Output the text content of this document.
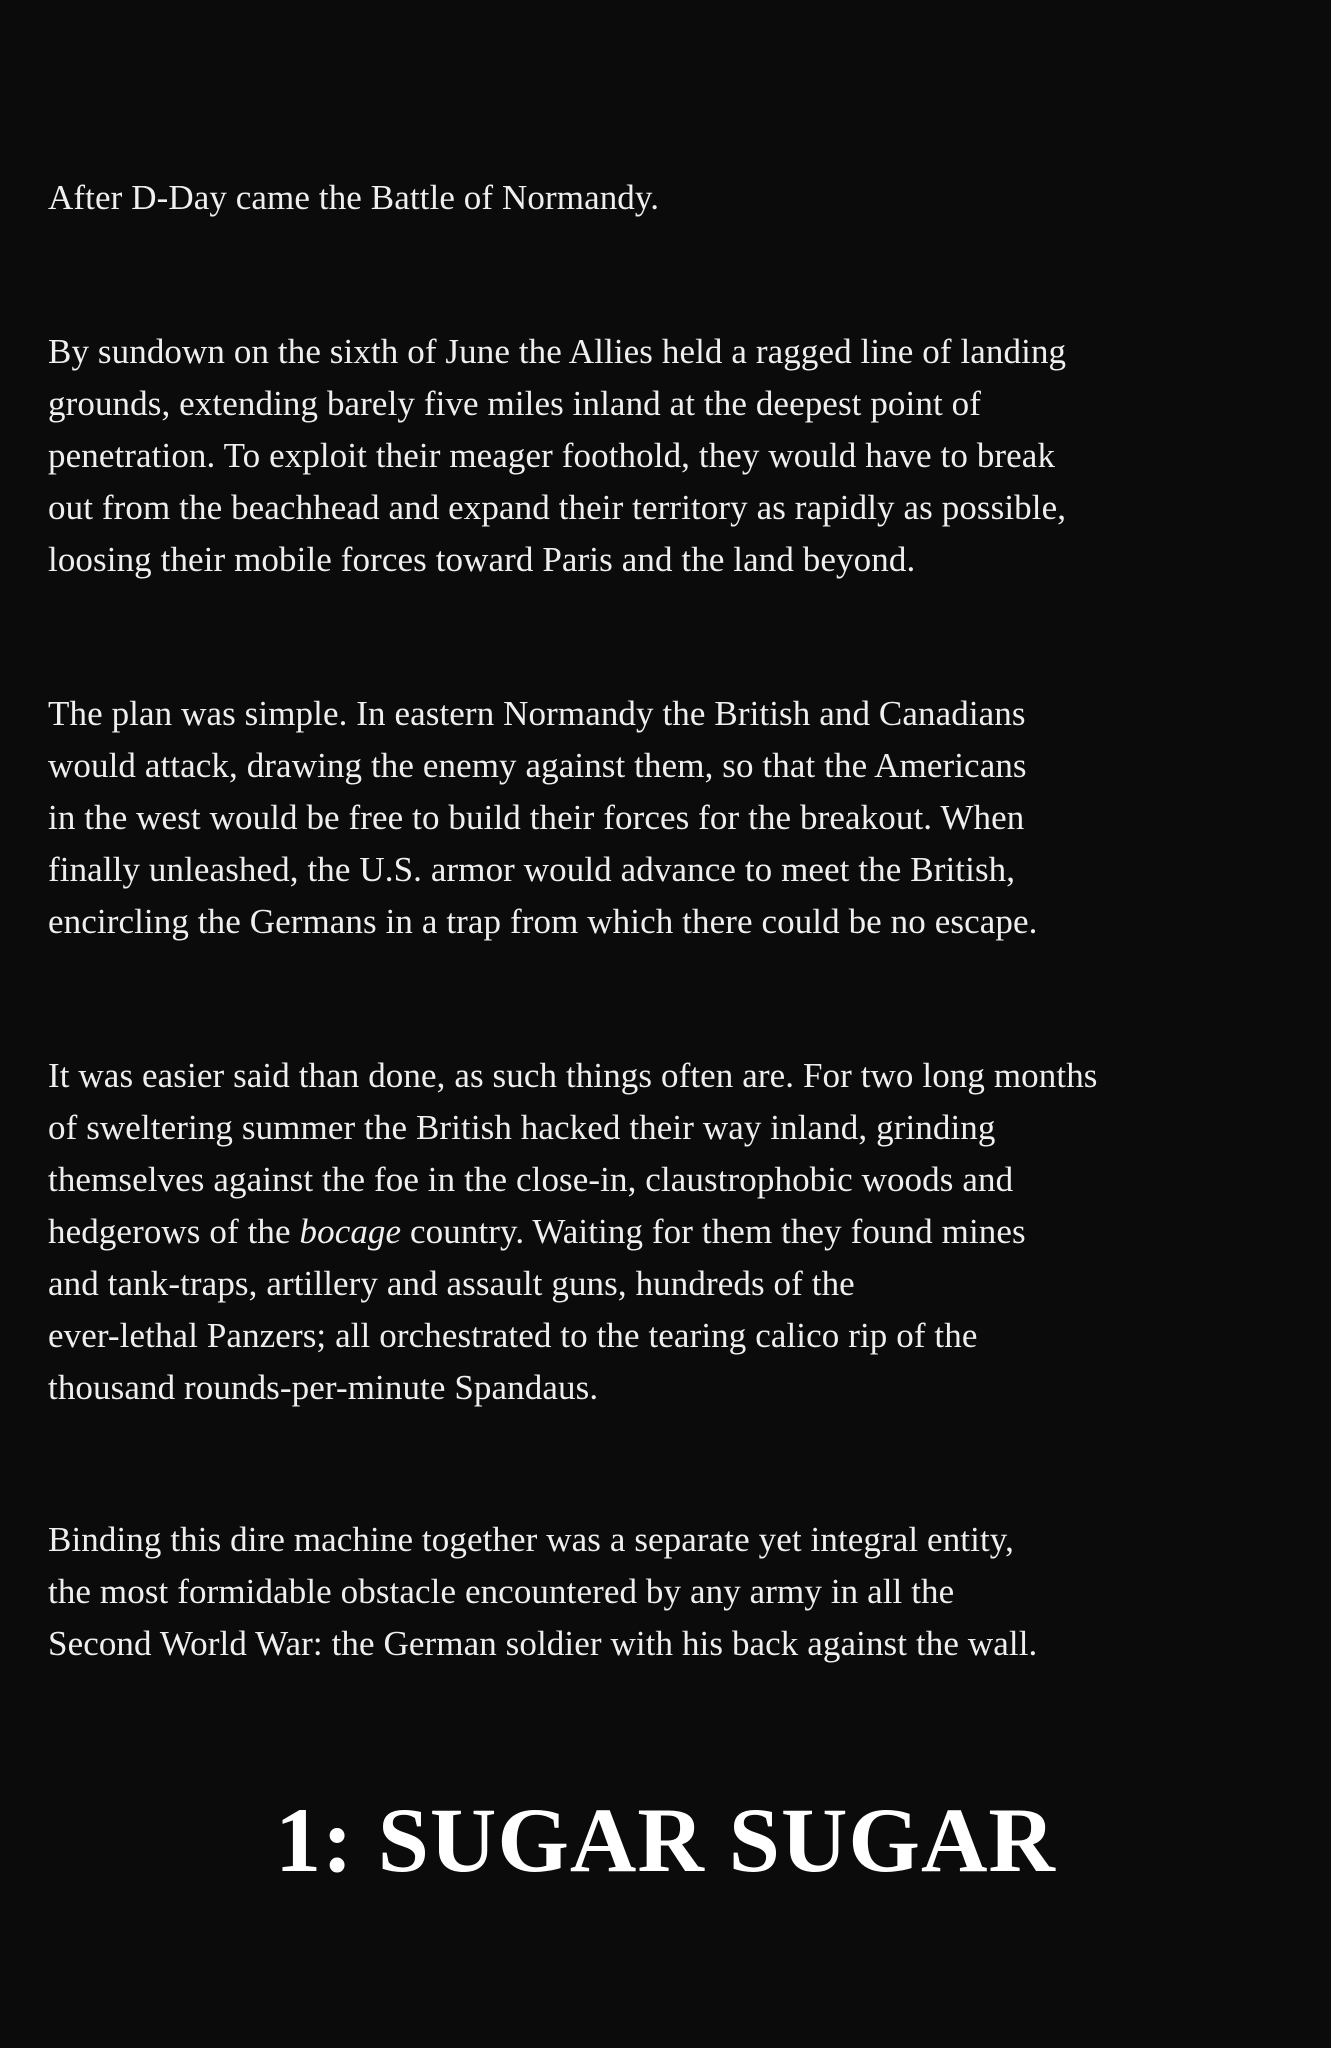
After D-Day came the Battle of Normandy.

By sundown on the sixth of June the Allies held a ragged line of landing
grounds, extending barely five miles inland at the deepest point of
penetration. To exploit their meager foothold, they would have to break
out from the beachhead and expand their territory as rapidly as possible,
loosing their mobile forces toward Paris and the land beyond.

The plan was simple. In eastern Normandy the British and Canadians
would attack, drawing the enemy against them, so that the Americans
in the west would be free to build their forces for the breakout. When
finally unleashed, the U.S. armor would advance to meet the British,
encircling the Germans in a trap from which there could be no escape.

It was easier said than done, as such things often are. For two long months
of sweltering summer the British hacked their way inland, grinding
themselves against the foe in the close-in, claustrophobic woods and
hedgerows of the bocage country. Waiting for them they found mines
and tank-traps, artillery and assault guns, hundreds of the
ever-lethal Panzers; all orchestrated to the tearing calico rip of the
thousand rounds-per-minute Spandaus.

Binding this dire machine together was a separate yet integral entity,
the most formidable obstacle encountered by any army in all the
Second World War: the German soldier with his back against the wall.

1: SUGAR SUGAR
